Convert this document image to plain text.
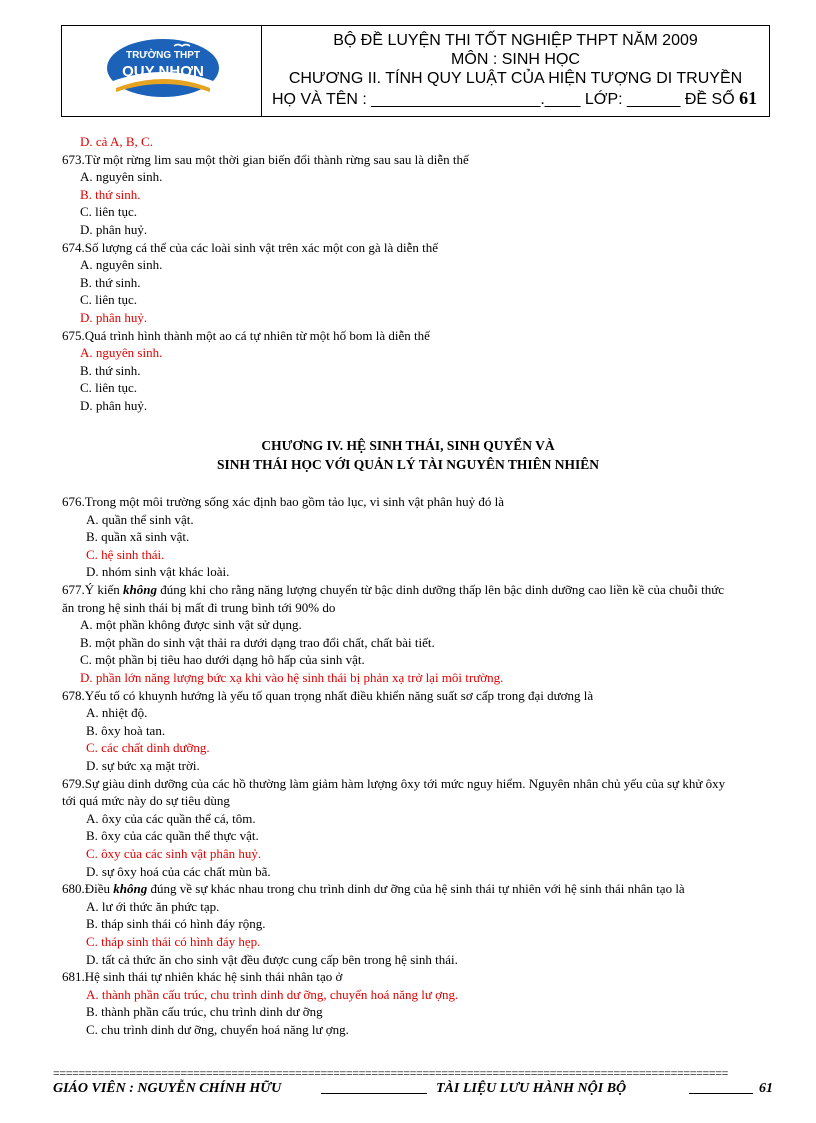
TRƯỜNG THPT
QUY NHƠN
BỘ ĐỀ LUYỆN THI TỐT NGHIỆP THPT NĂM 2009
MÔN : SINH HỌC
CHƯƠNG II. TÍNH QUY LUẬT CỦA HIỆN TƯỢNG DI TRUYỀN
HỌ VÀ TÊN : ___________________.____ LỚP: ______ ĐỀ SỐ 61
D. cả A, B, C.
673.Từ một rừng lim sau một thời gian biến đổi thành rừng sau sau là diễn thế
A. nguyên sinh.
B. thứ sinh.
C. liên tục.
D. phân huỷ.
674.Số lượng cá thể của các loài sinh vật trên xác một con gà là diễn thế
A. nguyên sinh.
B. thứ sinh.
C. liên tục.
D. phân huỷ.
675.Quá trình hình thành một ao cá tự nhiên từ một hố bom là diễn thế
A. nguyên sinh.
B. thứ sinh.
C. liên tục.
D. phân huỷ.
676.Trong một môi trường sống xác định bao gồm tảo lục, vi sinh vật phân huỷ đó là
A. quần thể sinh vật.
B. quần xã sinh vật.
C. hệ sinh thái.
D. nhóm sinh vật khác loài.
677.Ý kiến không đúng khi cho rằng năng lượng chuyển từ bậc dinh dưỡng thấp lên bậc dinh dưỡng cao liền kề của chuỗi thức
ăn trong hệ sinh thái bị mất đi trung bình tới 90% do
A. một phần không được sinh vật sử dụng.
B. một phần do sinh vật thải ra dưới dạng trao đổi chất, chất bài tiết.
C. một phần bị tiêu hao dưới dạng hô hấp của sinh vật.
D. phần lớn năng lượng bức xạ khi vào hệ sinh thái bị phản xạ trở lại môi trường.
678.Yếu tố có khuynh hướng là yếu tố quan trọng nhất điều khiển năng suất sơ cấp trong đại dương là
A. nhiệt độ.
B. ôxy hoà tan.
C. các chất dinh dưỡng.
D. sự bức xạ mặt trời.
679.Sự giàu dinh dưỡng của các hồ thường làm giảm hàm lượng ôxy tới mức nguy hiểm. Nguyên nhân chủ yếu của sự khử ôxy
tới quá mức này do sự tiêu dùng
A. ôxy của các quần thể cá, tôm.
B. ôxy của các quần thể thực vật.
C. ôxy của các sinh vật phân huỷ.
D. sự ôxy hoá của các chất mùn bã.
680.Điều không đúng về sự khác nhau trong chu trình dinh dư ỡng của hệ sinh thái tự nhiên với hệ sinh thái nhân tạo là
A. lư ới thức ăn phức tạp.
B. tháp sinh thái có hình đáy rộng.
C. tháp sinh thái có hình đáy hẹp.
D. tất cả thức ăn cho sinh vật đều được cung cấp bên trong hệ sinh thái.
681.Hệ sinh thái tự nhiên khác hệ sinh thái nhân tạo ở
A. thành phần cấu trúc, chu trình dinh dư ỡng, chuyển hoá năng lư ợng.
B. thành phần cấu trúc, chu trình dinh dư ỡng
C. chu trình dinh dư ỡng, chuyển hoá năng lư ợng.
CHƯƠNG IV. HỆ SINH THÁI, SINH QUYỂN VÀ
SINH THÁI HỌC VỚI QUẢN LÝ TÀI NGUYÊN THIÊN NHIÊN
==========================================================================================================
GIÁO VIÊN : NGUYỄN CHÍNH HỮU	TÀI LIỆU LƯU HÀNH NỘI BỘ	61
